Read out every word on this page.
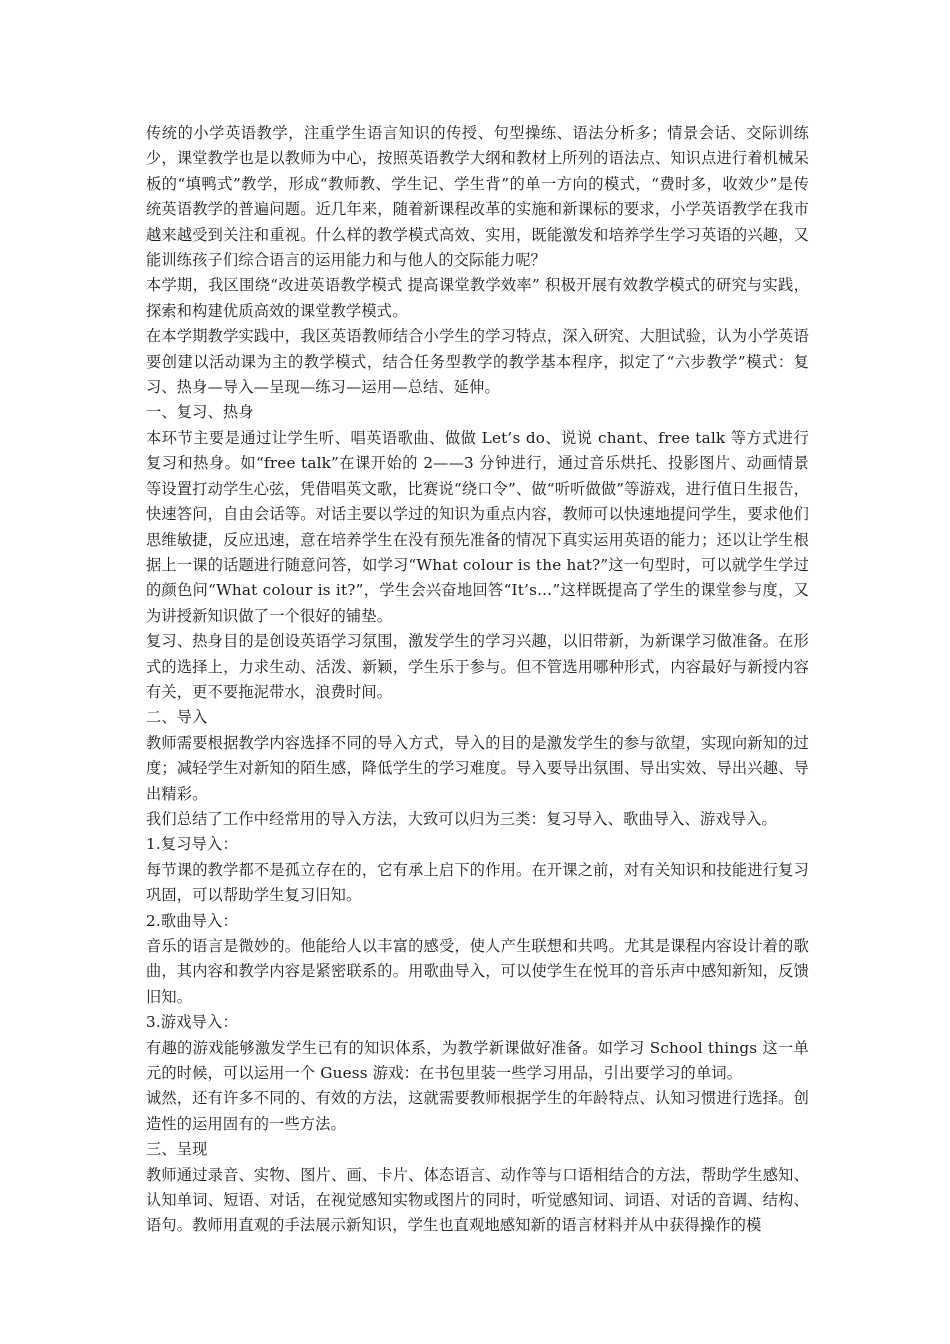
传统的小学英语教学，注重学生语言知识的传授、句型操练、语法分析多；情景会话、交际训练少，课堂教学也是以教师为中心，按照英语教学大纲和教材上所列的语法点、知识点进行着机械呆板的“填鸭式”教学，形成“教师教、学生记、学生背”的单一方向的模式，“费时多，收效少”是传统英语教学的普遍问题。近几年来，随着新课程改革的实施和新课标的要求，小学英语教学在我市越来越受到关注和重视。什么样的教学模式高效、实用，既能激发和培养学生学习英语的兴趣，又能训练孩子们综合语言的运用能力和与他人的交际能力呢？

本学期，我区围绕“改进英语教学模式 提高课堂教学效率” 积极开展有效教学模式的研究与实践，探索和构建优质高效的课堂教学模式。

在本学期教学实践中，我区英语教师结合小学生的学习特点，深入研究、大胆试验，认为小学英语要创建以活动课为主的教学模式，结合任务型教学的教学基本程序，拟定了“六步教学”模式：复习、热身—导入—呈现—练习—运用—总结、延伸。

一、复习、热身

本环节主要是通过让学生听、唱英语歌曲、做做 Let’s do、说说 chant、free talk 等方式进行复习和热身。如“free talk”在课开始的 2——3 分钟进行，通过音乐烘托、投影图片、动画情景等设置打动学生心弦，凭借唱英文歌，比赛说“绕口令”、做“听听做做”等游戏，进行值日生报告，快速答问，自由会话等。对话主要以学过的知识为重点内容，教师可以快速地提问学生，要求他们思维敏捷，反应迅速，意在培养学生在没有预先准备的情况下真实运用英语的能力；还以让学生根据上一课的话题进行随意问答，如学习“What colour is the hat?”这一句型时，可以就学生学过的颜色问“What colour is it?”，学生会兴奋地回答“It’s…”这样既提高了学生的课堂参与度，又为讲授新知识做了一个很好的铺垫。

复习、热身目的是创设英语学习氛围，激发学生的学习兴趣，以旧带新，为新课学习做准备。在形式的选择上，力求生动、活泼、新颖，学生乐于参与。但不管选用哪种形式，内容最好与新授内容有关，更不要拖泥带水，浪费时间。

二、导入

教师需要根据教学内容选择不同的导入方式，导入的目的是激发学生的参与欲望，实现向新知的过度；减轻学生对新知的陌生感，降低学生的学习难度。导入要导出氛围、导出实效、导出兴趣、导出精彩。

我们总结了工作中经常用的导入方法，大致可以归为三类：复习导入、歌曲导入、游戏导入。

1.复习导入：

每节课的教学都不是孤立存在的，它有承上启下的作用。在开课之前，对有关知识和技能进行复习巩固，可以帮助学生复习旧知。

2.歌曲导入：

音乐的语言是微妙的。他能给人以丰富的感受，使人产生联想和共鸣。尤其是课程内容设计着的歌曲，其内容和教学内容是紧密联系的。用歌曲导入，可以使学生在悦耳的音乐声中感知新知，反馈旧知。

3.游戏导入：

有趣的游戏能够激发学生已有的知识体系，为教学新课做好准备。如学习 School things 这一单元的时候，可以运用一个 Guess 游戏：在书包里装一些学习用品，引出要学习的单词。

诚然，还有许多不同的、有效的方法，这就需要教师根据学生的年龄特点、认知习惯进行选择。创造性的运用固有的一些方法。

三、呈现

教师通过录音、实物、图片、画、卡片、体态语言、动作等与口语相结合的方法，帮助学生感知、认知单词、短语、对话，在视觉感知实物或图片的同时，听觉感知词、词语、对话的音调、结构、语句。教师用直观的手法展示新知识，学生也直观地感知新的语言材料并从中获得操作的模
